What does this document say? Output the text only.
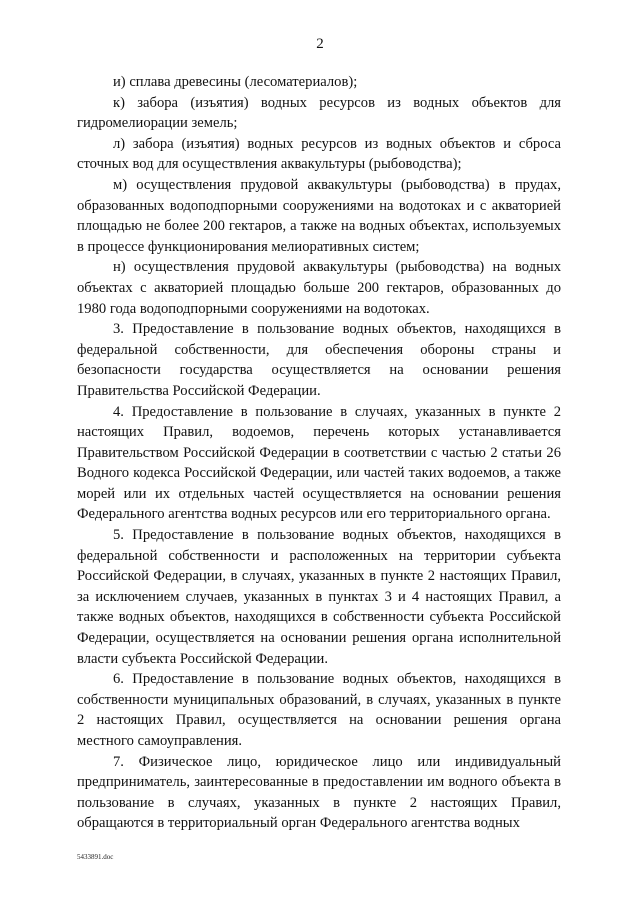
2

и) сплава древесины (лесоматериалов);

к) забора (изъятия) водных ресурсов из водных объектов для гидромелиорации земель;

л) забора (изъятия) водных ресурсов из водных объектов и сброса сточных вод для осуществления аквакультуры (рыбоводства);

м) осуществления прудовой аквакультуры (рыбоводства) в прудах, образованных водоподпорными сооружениями на водотоках и с акваторией площадью не более 200 гектаров, а также на водных объектах, используемых в процессе функционирования мелиоративных систем;

н) осуществления прудовой аквакультуры (рыбоводства) на водных объектах с акваторией площадью больше 200 гектаров, образованных до 1980 года водоподпорными сооружениями на водотоках.

3. Предоставление в пользование водных объектов, находящихся в федеральной собственности, для обеспечения обороны страны и безопасности государства осуществляется на основании решения Правительства Российской Федерации.

4. Предоставление в пользование в случаях, указанных в пункте 2 настоящих Правил, водоемов, перечень которых устанавливается Правительством Российской Федерации в соответствии с частью 2 статьи 26 Водного кодекса Российской Федерации, или частей таких водоемов, а также морей или их отдельных частей осуществляется на основании решения Федерального агентства водных ресурсов или его территориального органа.

5. Предоставление в пользование водных объектов, находящихся в федеральной собственности и расположенных на территории субъекта Российской Федерации, в случаях, указанных в пункте 2 настоящих Правил, за исключением случаев, указанных в пунктах 3 и 4 настоящих Правил, а также водных объектов, находящихся в собственности субъекта Российской Федерации, осуществляется на основании решения органа исполнительной власти субъекта Российской Федерации.

6. Предоставление в пользование водных объектов, находящихся в собственности муниципальных образований, в случаях, указанных в пункте 2 настоящих Правил, осуществляется на основании решения органа местного самоуправления.

7. Физическое лицо, юридическое лицо или индивидуальный предприниматель, заинтересованные в предоставлении им водного объекта в пользование в случаях, указанных в пункте 2 настоящих Правил, обращаются в территориальный орган Федерального агентства водных

5433891.doc
